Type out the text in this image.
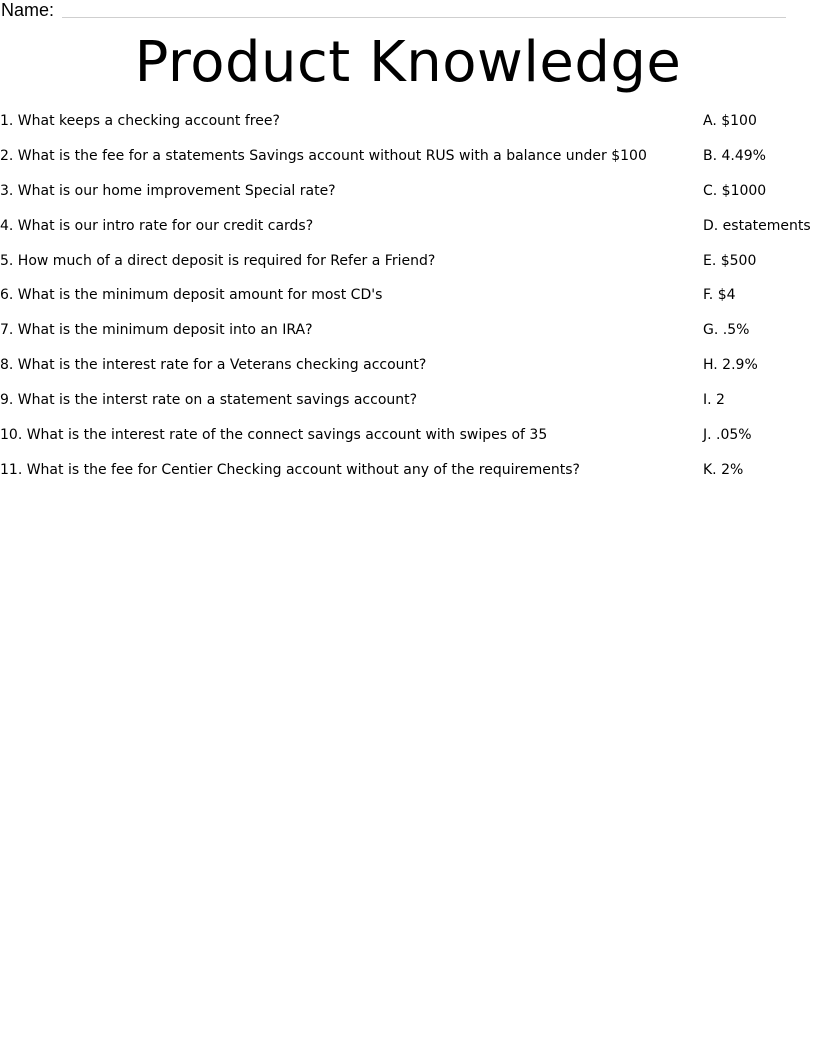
Name:
Product Knowledge
1. What keeps a checking account free?
2. What is the fee for a statements Savings account without RUS with a balance under $100
3. What is our home improvement Special rate?
4. What is our intro rate for our credit cards?
5. How much of a direct deposit is required for Refer a Friend?
6. What is the minimum deposit amount for most CD's
7. What is the minimum deposit into an IRA?
8. What is the interest rate for a Veterans checking account?
9. What is the interst rate on a statement savings account?
10. What is the interest rate of the connect savings account with swipes of 35
11. What is the fee for Centier Checking account without any of the requirements?
A. $100
B. 4.49%
C. $1000
D. estatements
E. $500
F. $4
G. .5%
H. 2.9%
I. 2
J. .05%
K. 2%
